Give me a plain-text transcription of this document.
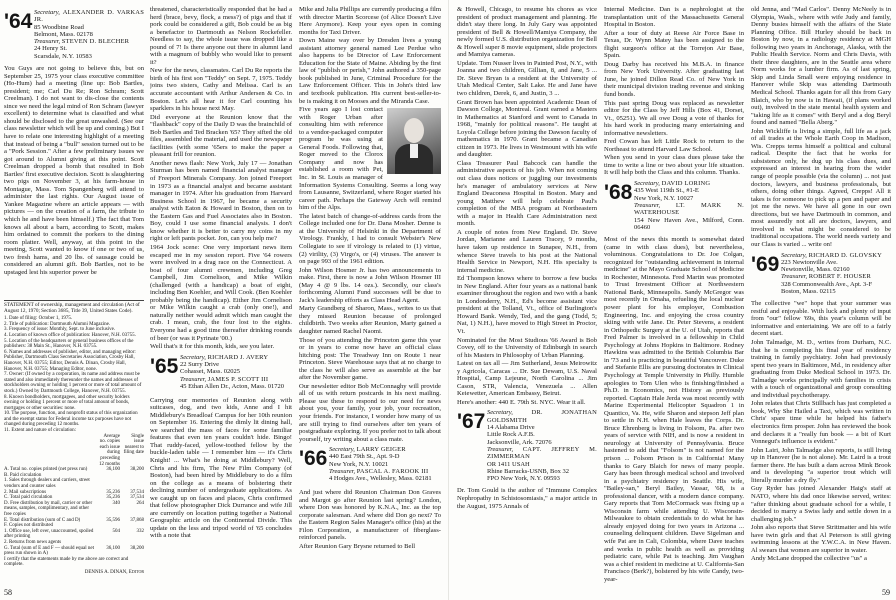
'64 Secretary, ALEXANDER D. VARKAS JR.
85 Woodbine Road
Belmont, Mass. 02178
Treasurer, STEVEN D. BLECHER
24 Henry St.
Scarsdale, N.Y. 10583

You Guys are not going to believe this, but on September 25, 1975 your class executive committee (Ho-Hum) had a meeting (line up: Bob Bartles, president; me; Carl Du Re; Ron Schram; Scott Creelman). I do not want to dis-close the contents since we need the legal mind of Ron Schram (lawyer excellent) to determine what is classified and what should be disclosed to the great unwashed. (See our class newsletter which will be up and coming.) But I have to relate one interesting highlight of a meeting that instead of being a "bull" session turned out to be a "Pork Session." After a few preliminary issues we got around to Alumni giving at this point. Scott Creelman dropped a bomb that resulted in Bob Bartles' first executive decision. Scott is slaughtering two pigs on November 3, at his farm-house in Montague, Mass. Tom Spangenberg will attend to administer the last rights. Our August issue of Yankee Magazine where an article appears — with pictures — on the creation of a farm, the tribute to which he and have been himself.) The fact that Tom knows all about a barn, according to Scott, makes him ordained to commit the porkers to the dining room platter. Well, anyway, at this point in the meeting, Scott wanted to know if one or two of us, two fresh hams, and 20 lbs. of sausage could be considered an alumni gift. Bob Bartles, not to be upstaged lest his superior power be

STATEMENT of ownership, management and circulation (Act of August 12, 1970; Section 3685, Title 39, United States Code).
1. Date of filing: October 1, 1975.
2. Title of publication: Dartmouth Alumni Magazine.
3. Frequency of issue: Monthly, Sept. to June inclusive.
4. Location of known office of publication: Hanover, N.H. 03755.
5. Location of the headquarters or general business offices of the publishers: 38 Main St., Hanover, N.H. 03755.
6. Names and addresses of publisher, editor, and managing editor: Publisher, Dartmouth Class Secretaries Association, Crosby Hall, Hanover, N.H. 03755; Editor, Dennis A. Dinan, Crosby Hall, Hanover, N.H. 03755; Managing Editor, none.
7. Owner: (If owned by a corporation, its name and address must be stated and also immediately thereunder the names and addresses of stockholders owning or holding 1 percent or more of total amount of stock.) Owned by Dartmouth College, Hanover, N.H. 03755.
8. Known bondholders, mortgagees, and other security holders owning or holding 1 percent or more of total amount of bonds, mortgages or other securities: none.
10. The purpose, function, and nonprofit status of this organization and the exempt status for Federal income tax purposes have not changed during preceding 12 months.
11. Extent and nature of circulation:
	Average no. copies each issue during preceding 12 months	Single issue nearest to filing date
A. Total no. copies printed (net press run)	36,100	38,200
B. Paid circulation		
1. Sales through dealers and carriers, street vendors and counter sales		
2. Mail subscriptions	35,236	37,534
C. Total paid circulation	35,236	37,534
D. Free distribution by mail, carrier or other means, samples, complimentary, and other free copies	340	264
E. Total distribution (sum of C and D)	35,596	37,868
F. Copies not distributed		
1. Office use, left over, unaccounted, spoiled after printing	504	332
2. Returns from news agents		
G. Total (sum of E and F — should equal net press run shown in A)	36,100	38,200
I certify that the statements made by me above are correct and complete.
DENNIS A. DINAN, Editor

threatened, characteristically responded that he had a herd (brace, bevy, flock, a mess?) of pigs and that if pork could be considered a gift, Bob could be as big a benefactor to Dartmouth as Nelson Rockefeller. Needless to say, the whole issue was dropped like a pound of 7! Is there anyone out there in alumni land with a magnum of bubbly who would like to present it?

New for the news, classmates. Carl Du Re reports the birth of his first son "Teddy" on Sept. 7, 1975. Teddy joins two sisters, Cathy and Melissa. Carl is an accurate accountant with Arthur Andersen & Co. in Boston. Let's all hear it for Carl counting his sparklers in his house next May.

Did everyone at the Reunion know that the "flashback" copy of the Daily D was the brainchild of Bob Bartles and Ted Bracken '65? They sifted the old files, assembled the material, and used the newspaper facilities (with some '65ers to make the paper a pleasant frill for reunion.

Another news flash: New York, July 17 — Jonathan Sturman has been named financial analyst manager of Freeport Minerals Company. Jon joined Freeport in 1973 as a financial analyst and became assistant manager in 1974. After his graduation from Harvard Business School in 1967, he became a security analyst with Eaton & Howard in Boston, then on to the Eastern Gas and Fuel Associates also in Boston. Boy, could I use some financial analysis. I don't know whether it is better to carry my coins in my right or left pants pocket. Jon, can you help me?

1964 Jock scene: One very important news item escaped me in my session report. Five '64 rowers were involved in a drag race on the Connecticut. A boat of four alumni crewmen, including Greg Campbell, Jim Cornelison, and Mike Wilkin (challenged (with a handicap) a boat of eight, including Ben Koehler, and Will Cook. (Ben Koehler probably being the handicap). Either Jim Cornelison or Mike Wilkin caught a crab (only one!), and naturally neither would admit which man caught the crab. I mean, crab, the four lost to the eights. Everyone had a good time thereafter drinking rounds of beer (or was it Pyrinate '00.)

Well that's it for this month, kids, see you later.

'65 Secretary, RICHARD J. AVERY
22 Surry Drive
Cohasset, Mass. 02025
Treasurer, JAMES P. SCOTT III
45 Ethan Allen Dr., Acton, Mass. 01720

Carrying our memories of Reunion along with suitcases, dog, and two kids, Anne and I hit Middlebury's Breadloaf Campus for her 10th reunion on September 16. Entering the dimly lit dining hall, we searched the mass of faces for some familiar features that even ten years couldn't hide. Bingo! That ruddy-faced, yellow-toothed fellow by the buckle-laden table — I remember him — it's Chris Knight! ... What's he doing at Middlebury? Well, Chris and his firm, The New Film Company (of Boston), had been hired by Middlebury to do a film on the college as a means of bolstering their declining number of undergraduate applications. As we caught up on faces and places, Chris confirmed that fellow photographer Dick Durrance and wife Jill are currently on location putting together a National Geographic article on the Continental Divide. This update on the less and tripod world of '65 concludes with a note that

Mike and Julia Phillips are currently producing a film with director Martin Scorcese (of Alice Doesn't Live Here Anymore). Keep your eyes open in coming months for Taxi Driver.

Down Maine way over by Dresden lives a young assistant attorney general named Lee Perdue who also happens to be Director of Law Enforcement Education for the State of Maine. Abiding by the first law of "publish or perish," John authored a 350-page book published in June, Criminal Procedure for the Law Enforcement Officer. This in John's third law and textbook publication. His current best-seller-to-be is making it on Mooses and the Miranda Case.

Five years ago I lost contact with Roger Urban after consulting him with reference to a vendor-packaged computer program he was using at General Foods. Following that, Roger moved to the Clorox Company and now has established a room with Pet, Inc. in St. Louis as manager of Information Systems Consulting. Seems a long way from Lausanne, Switzerland, where Roger started his career path. Perhaps the Gateway Arch will remind him of the Alps.

The latest batch of change-of-address cards from the College included one for Dr. Dana Mosher. Denne is at the University of Helsinki in the Department of Virology. Frankly, I had to consult Webster's New Collegiate to see if virology is related to (1) virtue, (2) virility, (3) Virgo's, or (4) viruses. The answer is on page 993 of the 1961 edition.

John Wilson Hosmer Jr. has two announcements to make. First, there is now a John Wilson Hosmer III (May 4 @ 9 lbs. 14 ozs.). Secondly, our class's forthcoming Alumni Fund successes will be due to Jack's leadership efforts as Class Head Agent.

Marty Grandberg of Sharon, Mass., writes to us that they missed Reunion because of prolonged childbirth. Two weeks after Reunion, Marty gained a daughter named Rachel Naomi.

Those of you attending the Princeton game this year or in years to come now have an official class hitching post: The Treadway Inn on Route 1 near Princeton. Steve Warehouse says that at no charge to the class he will also serve as assemble at the bar after the November game.

Our newsletter editor Bob McConnaghy will provide all of us with return postcards in his next mailing. Please use these to respond to our need for news about you, your family, your job, your recreation, your friends. For instance, I wonder how many of us are still trying to find ourselves after ten years of postgraduate exploring. If you prefer not to talk about yourself, try writing about a class mate.

'66 Secretary, LARRY GEIGER
440 East 79th St., Apt. 9-D
New York, N.Y. 10021
Treasurer, PASCAL A. FAROOK III
4 Hodges Ave., Wellesley, Mass. 02181

And just where did Reunion Chairman Don Graves and Margot go after Reunion last spring? London, where Don was honored by K.N.A., Inc. as the top corporate salesman. And where did Don go next? To the Eastern Region Sales Manager's office (his) at the Filon Corporation, a manufacturer of fiberglass-reinforced panels.

After Reunion Gary Brysne returned to Bell

& Howell, Chicago, to resume his chores as vice president of product management and planning. He didn't stay there long. In July Gary was appointed president of Bell & Howell/Mamiya Company, the newly formed U.S. distribution organization for Bell & Howell super 8 movie equipment, slide projectors and Mamiya cameras.

Update. Tom Nusser lives in Painted Post, N.Y., with Joanna and two children, Gillian, 8, and Jane, 5 ... Dr. Steve Bryan is a resident at the University of Utah Medical Center, Salt Lake. He and Jane have two children, Derek, 6, and Justin, 3 ...

Grant Brown has been appointed Academic Dean of Dawson College, Montreal. Grant earned a Masters in Mathematics at Stanford and went to Canada in 1968, "mainly for political reasons". He taught at Loyola College before joining the Dawson faculty of mathematics in 1970. Grant became a Canadian citizen in 1973. He lives in Westmount with his wife and daughter.

Class Treasurer Paul Babcock can handle the administrative aspects of his job. When not coming out class dues notices or juggling our investments he's manager of ambulatory services at New England Deaconess Hospital in Boston. Mary and young Matthew will help celebrate Paul's completion of the MBA program at Northeastern with a major in Health Care Administration next month.

A couple of notes from New England. Dr. Steve Jordan, Marianne and Lauren Tracey, 9 months, have taken up residence in Sunapee, N.H., from whence Steve travels to his post at the National Health Service in Newport, N.H. His specialty is internal medicine.

Ed Thompson knows where to borrow a few bucks in New England. After four years as a national bank examiner throughout the region and two with a bank in Londonderry, N.H., Ed's become assistant vice president at the Tolland, Vt., office of Burlington's Howard Bank. Wendy, Ted, and the gang (Todd, 5; Nat, 1) N.H.), have moved to High Street in Proctor, Vt.

Nominated for the Most Studious '66 Award is Bob Covey, off to the University of Edinburgh in search of his Masters in Philosophy of Urban Planning.

Latest on tax all — Jim Sutherland, Jesus Meirowitz y Agricola, Caracas ... Dr. Sue Dewam, U.S. Naval Hospital, Camp Lejeune, North Carolina ... Jim Cason, STR, Valencia, Venezuela ... Allen Keiewetter, American Embassy, Beirut.

Here's another: 440 E. 79th St. NYC. Wear it all.

'67 Secretary,	DR. JONATHAN GOLDSMITH
14 Alabama Drive
Little Rock A.F.B.
Jacksonville, Ark. 72076
Treasurer, CAPT. JEFFREY M. ZIMMERMAN
OR 1411 USAH
Rhine Barracks-USNB, Box 32
FPO New York, N.Y. 09593

Dr. Tom Gould is the author of "Immune Complex Nephropathy in Schistosomiasis," a major article in the August, 1975 Annals of

Internal Medicine. Dan is a nephrologist at the transplantation unit of the Massachusetts General Hospital in Boston.

After a tour of duty at Reese Air Force Base in Texas, Dr. Wynn Matey has been assigned to the flight surgeon's office at the Torrejon Air Base, Spain.

Doug Darby has received his M.B.A. in finance from New York University. After graduating last June, he joined Dillon Read Co. of New York in their municipal division trading revenue and sinking fund bonds.

This past spring Doug was replaced as newsletter editor for the Class by Jeff Hills (Box 41, Dorset, Vt., 05251). We all owe Doug a vote of thanks for his hard work in producing many entertaining and informative newsletters.

Fred Cowan has left Little Rock to return to the Northeast to attend Harvard Law School.

When you send in your class dues please take the time to write a line or two about your life situation. It will help both the Class and this column. Thanks.

'68 Secretary, DAVID LORING
435 West 119th St., #1-E
New York, N.Y. 10027
Treasurer, LT. MARK N. WATERHOUSE
154 New Haven Ave., Milford, Conn. 06460

Most of the news this month is somewhat dated (came in with class dues), but nevertheless, voluminous. Congratulations to Dr. Joe Colgan, recognized for "outstanding achievement in internal medicine" at the Mayo Graduate School of Medicine in Rochester, Minnesota. Fred Martin was promoted to Trust Investment Officer at Northwestern National Bank, Minneapolis. Sandy McGregor was most recently in Omaha, refueling the local nuclear power plant for his employer, Combustion Engineering, Inc. and enjoying the cross country skiing with wife Jane. Dr. Peter Stevens, a resident in Orthopedic Surgery at the U. of Utah, reports that Fred Palmer is involved in a fellowship in Child Psychology at Johns Hopkins in Baltimore. Rodney Hawkins was admitted to the British Columbia Bar in '73 and is practicing in beautiful Vancouver. Duke and Stefanie Ellis are pursuing doctorates in Clinical Psychology at Temple University in Philly. Humble apologies to Tom Ulen who is finishing/finished a Ph.D. in Economics, not History as previously reported. Captain Hale Jerda was most recently with Marine Experimental Helicopter Squadron 1 in Quantico, Va. He, wife Sharon and stepson Jeff plan to settle in N.H. when Hale leaves the Corps. Dr. Bruce Ehrenberg is living in Folsom, Pa. after two years of service with NIH, and is now a resident in neurology at University of Pennsylvania. Bruce hastened to add that "Folsom" is not named for the prison ... Folsom Prison is in California! Many thanks to Gary Blaich for news of many people. Gary has been through medical school and involved in a psychiatry residency in Seattle. His wife, "Bailey-san," Beryl Bailey, Vassar, '68, is a professional dancer, with a modern dance company. Gary reports that Tom McCormack was fixing up a Wisconsin farm while attending U. Wisconsin-Milwaukee to obtain credentials to do what he has already enjoyed doing for two years in Arizona ... counseling delinquent children. Dave Sigelman and wife Pat are in Cali, Colombia, where Dave teaches and works in public health as well as providing pediatric care, while Pat is teaching. Jim Vaughan was a chief resident in medicine at U. California-San Francisco (Berk?), bolstered by his wife Candy, two-year-

old Jenna, and "Mad Carlos". Denny McNeely is in Olympia, Wash., where with wife Judy and family, Denny busies himself with the affairs of the State Planning Office. Bill Hurley should be back in Boston by now, in a radiology residency at MGH following two years in Anchorage, Alaska, with the Public Health Service. Norm and Chris Davis, with their three daughters, are in the Seattle area where Norm works for a lumber firm. As of last spring, Skip and Linda Small were enjoying residence in Hanover while Skip was attending Dartmouth Medical School. Thanks again for all this from Gary Blaich, who by now is in Hawaii, (if plans worked out), involved in the state mental health system and "taking life as it comes" with Beryl and a dog Beryl found and named "Bella Aberg."

John Wickliffe is living a simple, full life as a jack of all trades at the Whole Earth Coop in Madison, Wis. Crepps terms himself a political and cultural radical. Despite the fact that he works for subsistence only, he dug up his class dues, and expressed an interest in hearing from the wider range of people possible (via the column) ... not just doctors, lawyers, and business professionals, but others, doing other things. Agreed, Crepps! All it takes is for someone to pick up a pen and paper and jot me the news. We have all gone in our own directions, but we have Dartmouth in common, and most assuredly not all are doctors, lawyers, and involved in what might be considered to be traditional occupations. The world needs variety and our Class is varied ... write on!

'69 Secretary, RICHARD D. GLOVSKY
223 Newtonville Ave.
Newtonville, Mass. 02160
Treasurer, ROBERT F. HOUSER
328 Commonwealth Ave., Apt. 3-F
Boston, Mass. 02115

The collective "we" hope that your summer was restful and enjoyable. With luck and plenty of input from "our" fellow '69s, this year's column will be informative and entertaining. We are off to a fairly decent start.

John Talmadge, M. D., writes from Durham, N.C. that he is completing his final year of residency training in family psychiatry. John had previously spent two years in Baltimore, Md., in residency after graduating from Duke Medical School in 1973. Dr. Talmadge works principally with families in crisis with a touch of organizational and group consulting and individual psychotherapy.

John relates that Chris Stillbach has just completed a book, Why She Hailed a Taxi, which was written in Chris' spare time while he helped his father's electronics firm prosper. John has reviewed the book and declares it a "really fun book — a bit of Kurt Vonnegut's influence is evident."

John Lairi, John Talmadge also reports, is still living up in Hanover (he is not alone). Mr. Laird is a trout farmer there. He has built a dam across Mink Brook and is developing "a superior trout which will literally murder a dry fly."

Guy Ryder has joined Alexander Haig's staff at NATO, where his dad once likewise served, writes: "after thinking about graduate school for a while, I decided to marry a Swiss lady and settle down in a challenging job."

John also reports that Steve Strittmatter and his wife have twin girls and that Al Peterson is still giving swimming lessons at the Y.W.C.A. in New Haven. Al swears that women are superior in water.

Andy McLane dropped the collective "us" a

58	59
